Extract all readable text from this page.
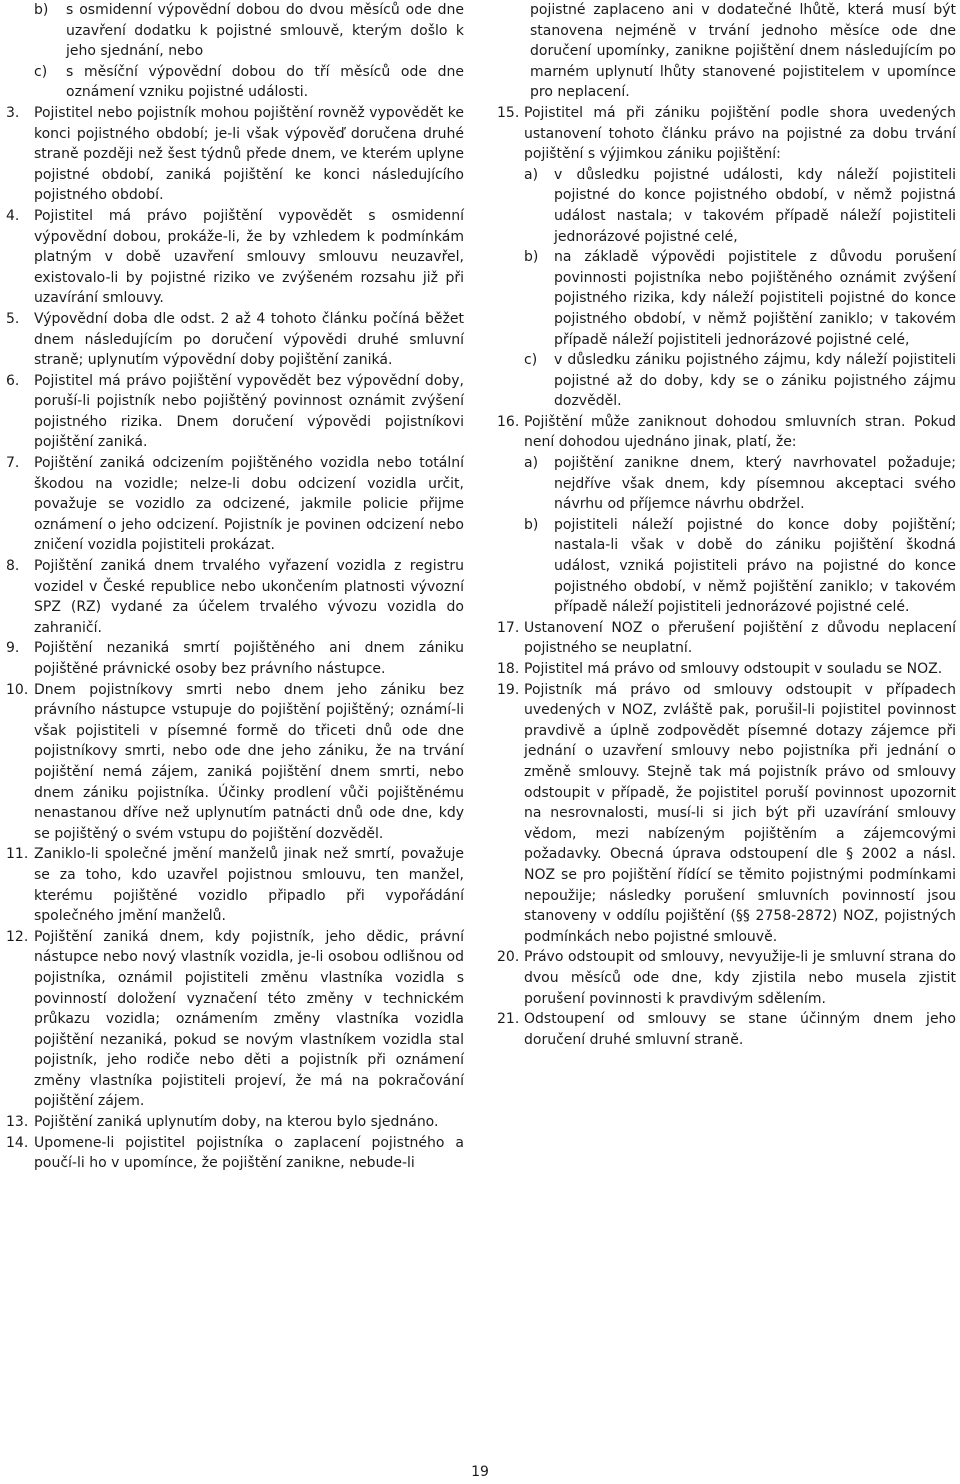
b) s osmidenní výpovědní dobou do dvou měsíců ode dne uzavření dodatku k pojistné smlouvě, kterým došlo k jeho sjednání, nebo
c) s měsíční výpovědní dobou do tří měsíců ode dne oznámení vzniku pojistné události.
3. Pojistitel nebo pojistník mohou pojištění rovněž vypovědět ke konci pojistného období; je-li však výpověď doručena druhé straně později než šest týdnů přede dnem, ve kterém uplyne pojistné období, zaniká pojištění ke konci následujícího pojistného období.
4. Pojistitel má právo pojištění vypovědět s osmidenní výpovědní dobou, prokáže-li, že by vzhledem k podmínkám platným v době uzavření smlouvy smlouvu neuzavřel, existovalo-li by pojistné riziko ve zvýšeném rozsahu již při uzavírání smlouvy.
5. Výpovědní doba dle odst. 2 až 4 tohoto článku počíná běžet dnem následujícím po doručení výpovědi druhé smluvní straně; uplynutím výpovědní doby pojištění zaniká.
6. Pojistitel má právo pojištění vypovědět bez výpovědní doby, poruší-li pojistník nebo pojištěný povinnost oznámit zvýšení pojistného rizika. Dnem doručení výpovědi pojistníkovi pojištění zaniká.
7. Pojištění zaniká odcizením pojištěného vozidla nebo totální škodou na vozidle; nelze-li dobu odcizení vozidla určit, považuje se vozidlo za odcizené, jakmile policie přijme oznámení o jeho odcizení. Pojistník je povinen odcizení nebo zničení vozidla pojistiteli prokázat.
8. Pojištění zaniká dnem trvalého vyřazení vozidla z registru vozidel v České republice nebo ukončením platnosti vývozní SPZ (RZ) vydané za účelem trvalého vývozu vozidla do zahraničí.
9. Pojištění nezaniká smrtí pojištěného ani dnem zániku pojištěné právnické osoby bez právního nástupce.
10. Dnem pojistníkovy smrti nebo dnem jeho zániku bez právního nástupce vstupuje do pojištění pojištěný; oznámí-li však pojistiteli v písemné formě do třiceti dnů ode dne pojistníkovy smrti, nebo ode dne jeho zániku, že na trvání pojištění nemá zájem, zaniká pojištění dnem smrti, nebo dnem zániku pojistníka. Účinky prodlení vůči pojištěnému nenastanou dříve než uplynutím patnácti dnů ode dne, kdy se pojištěný o svém vstupu do pojištění dozvěděl.
11. Zaniklo-li společné jmění manželů jinak než smrtí, považuje se za toho, kdo uzavřel pojistnou smlouvu, ten manžel, kterému pojištěné vozidlo připadlo při vypořádání společného jmění manželů.
12. Pojištění zaniká dnem, kdy pojistník, jeho dědic, právní nástupce nebo nový vlastník vozidla, je-li osobou odlišnou od pojistníka, oznámil pojistiteli změnu vlastníka vozidla s povinností doložení vyznačení této změny v technickém průkazu vozidla; oznámením změny vlastníka vozidla pojištění nezaniká, pokud se novým vlastníkem vozidla stal pojistník, jeho rodiče nebo děti a pojistník při oznámení změny vlastníka pojistiteli projeví, že má na pokračování pojištění zájem.
13. Pojištění zaniká uplynutím doby, na kterou bylo sjednáno.
14. Upomene-li pojistitel pojistníka o zaplacení pojistného a poučí-li ho v upomínce, že pojištění zanikne, nebude-li
pojistné zaplaceno ani v dodatečné lhůtě, která musí být stanovena nejméně v trvání jednoho měsíce ode dne doručení upomínky, zanikne pojištění dnem následujícím po marném uplynutí lhůty stanovené pojistitelem v upomínce pro neplacení.
15. Pojistitel má při zániku pojištění podle shora uvedených ustanovení tohoto článku právo na pojistné za dobu trvání pojištění s výjimkou zániku pojištění:
a) v důsledku pojistné události, kdy náleží pojistiteli pojistné do konce pojistného období, v němž pojistná událost nastala; v takovém případě náleží pojistiteli jednorázové pojistné celé,
b) na základě výpovědi pojistitele z důvodu porušení povinnosti pojistníka nebo pojištěného oznámit zvýšení pojistného rizika, kdy náleží pojistiteli pojistné do konce pojistného období, v němž pojištění zaniklo; v takovém případě náleží pojistiteli jednorázové pojistné celé,
c) v důsledku zániku pojistného zájmu, kdy náleží pojistiteli pojistné až do doby, kdy se o zániku pojistného zájmu dozvěděl.
16. Pojištění může zaniknout dohodou smluvních stran. Pokud není dohodou ujednáno jinak, platí, že:
a) pojištění zanikne dnem, který navrhovatel požaduje; nejdříve však dnem, kdy písemnou akceptaci svého návrhu od příjemce návrhu obdržel.
b) pojistiteli náleží pojistné do konce doby pojištění; nastala-li však v době do zániku pojištění škodná událost, vzniká pojistiteli právo na pojistné do konce pojistného období, v němž pojištění zaniklo; v takovém případě náleží pojistiteli jednorázové pojistné celé.
17. Ustanovení NOZ o přerušení pojištění z důvodu neplacení pojistného se neuplatní.
18. Pojistitel má právo od smlouvy odstoupit v souladu se NOZ.
19. Pojistník má právo od smlouvy odstoupit v případech uvedených v NOZ, zvláště pak, porušil-li pojistitel povinnost pravdivě a úplně zodpovědět písemné dotazy zájemce při jednání o uzavření smlouvy nebo pojistníka při jednání o změně smlouvy. Stejně tak má pojistník právo od smlouvy odstoupit v případě, že pojistitel poruší povinnost upozornit na nesrovnalosti, musí-li si jich být při uzavírání smlouvy vědom, mezi nabízeným pojištěním a zájemcovými požadavky. Obecná úprava odstoupení dle § 2002 a násl. NOZ se pro pojištění řídící se těmito pojistnými podmínkami nepoužije; následky porušení smluvních povinností jsou stanoveny v oddílu pojištění (§§ 2758-2872) NOZ, pojistných podmínkách nebo pojistné smlouvě.
20. Právo odstoupit od smlouvy, nevyužije-li je smluvní strana do dvou měsíců ode dne, kdy zjistila nebo musela zjistit porušení povinnosti k pravdivým sdělením.
21. Odstoupení od smlouvy se stane účinným dnem jeho doručení druhé smluvní straně.
19
